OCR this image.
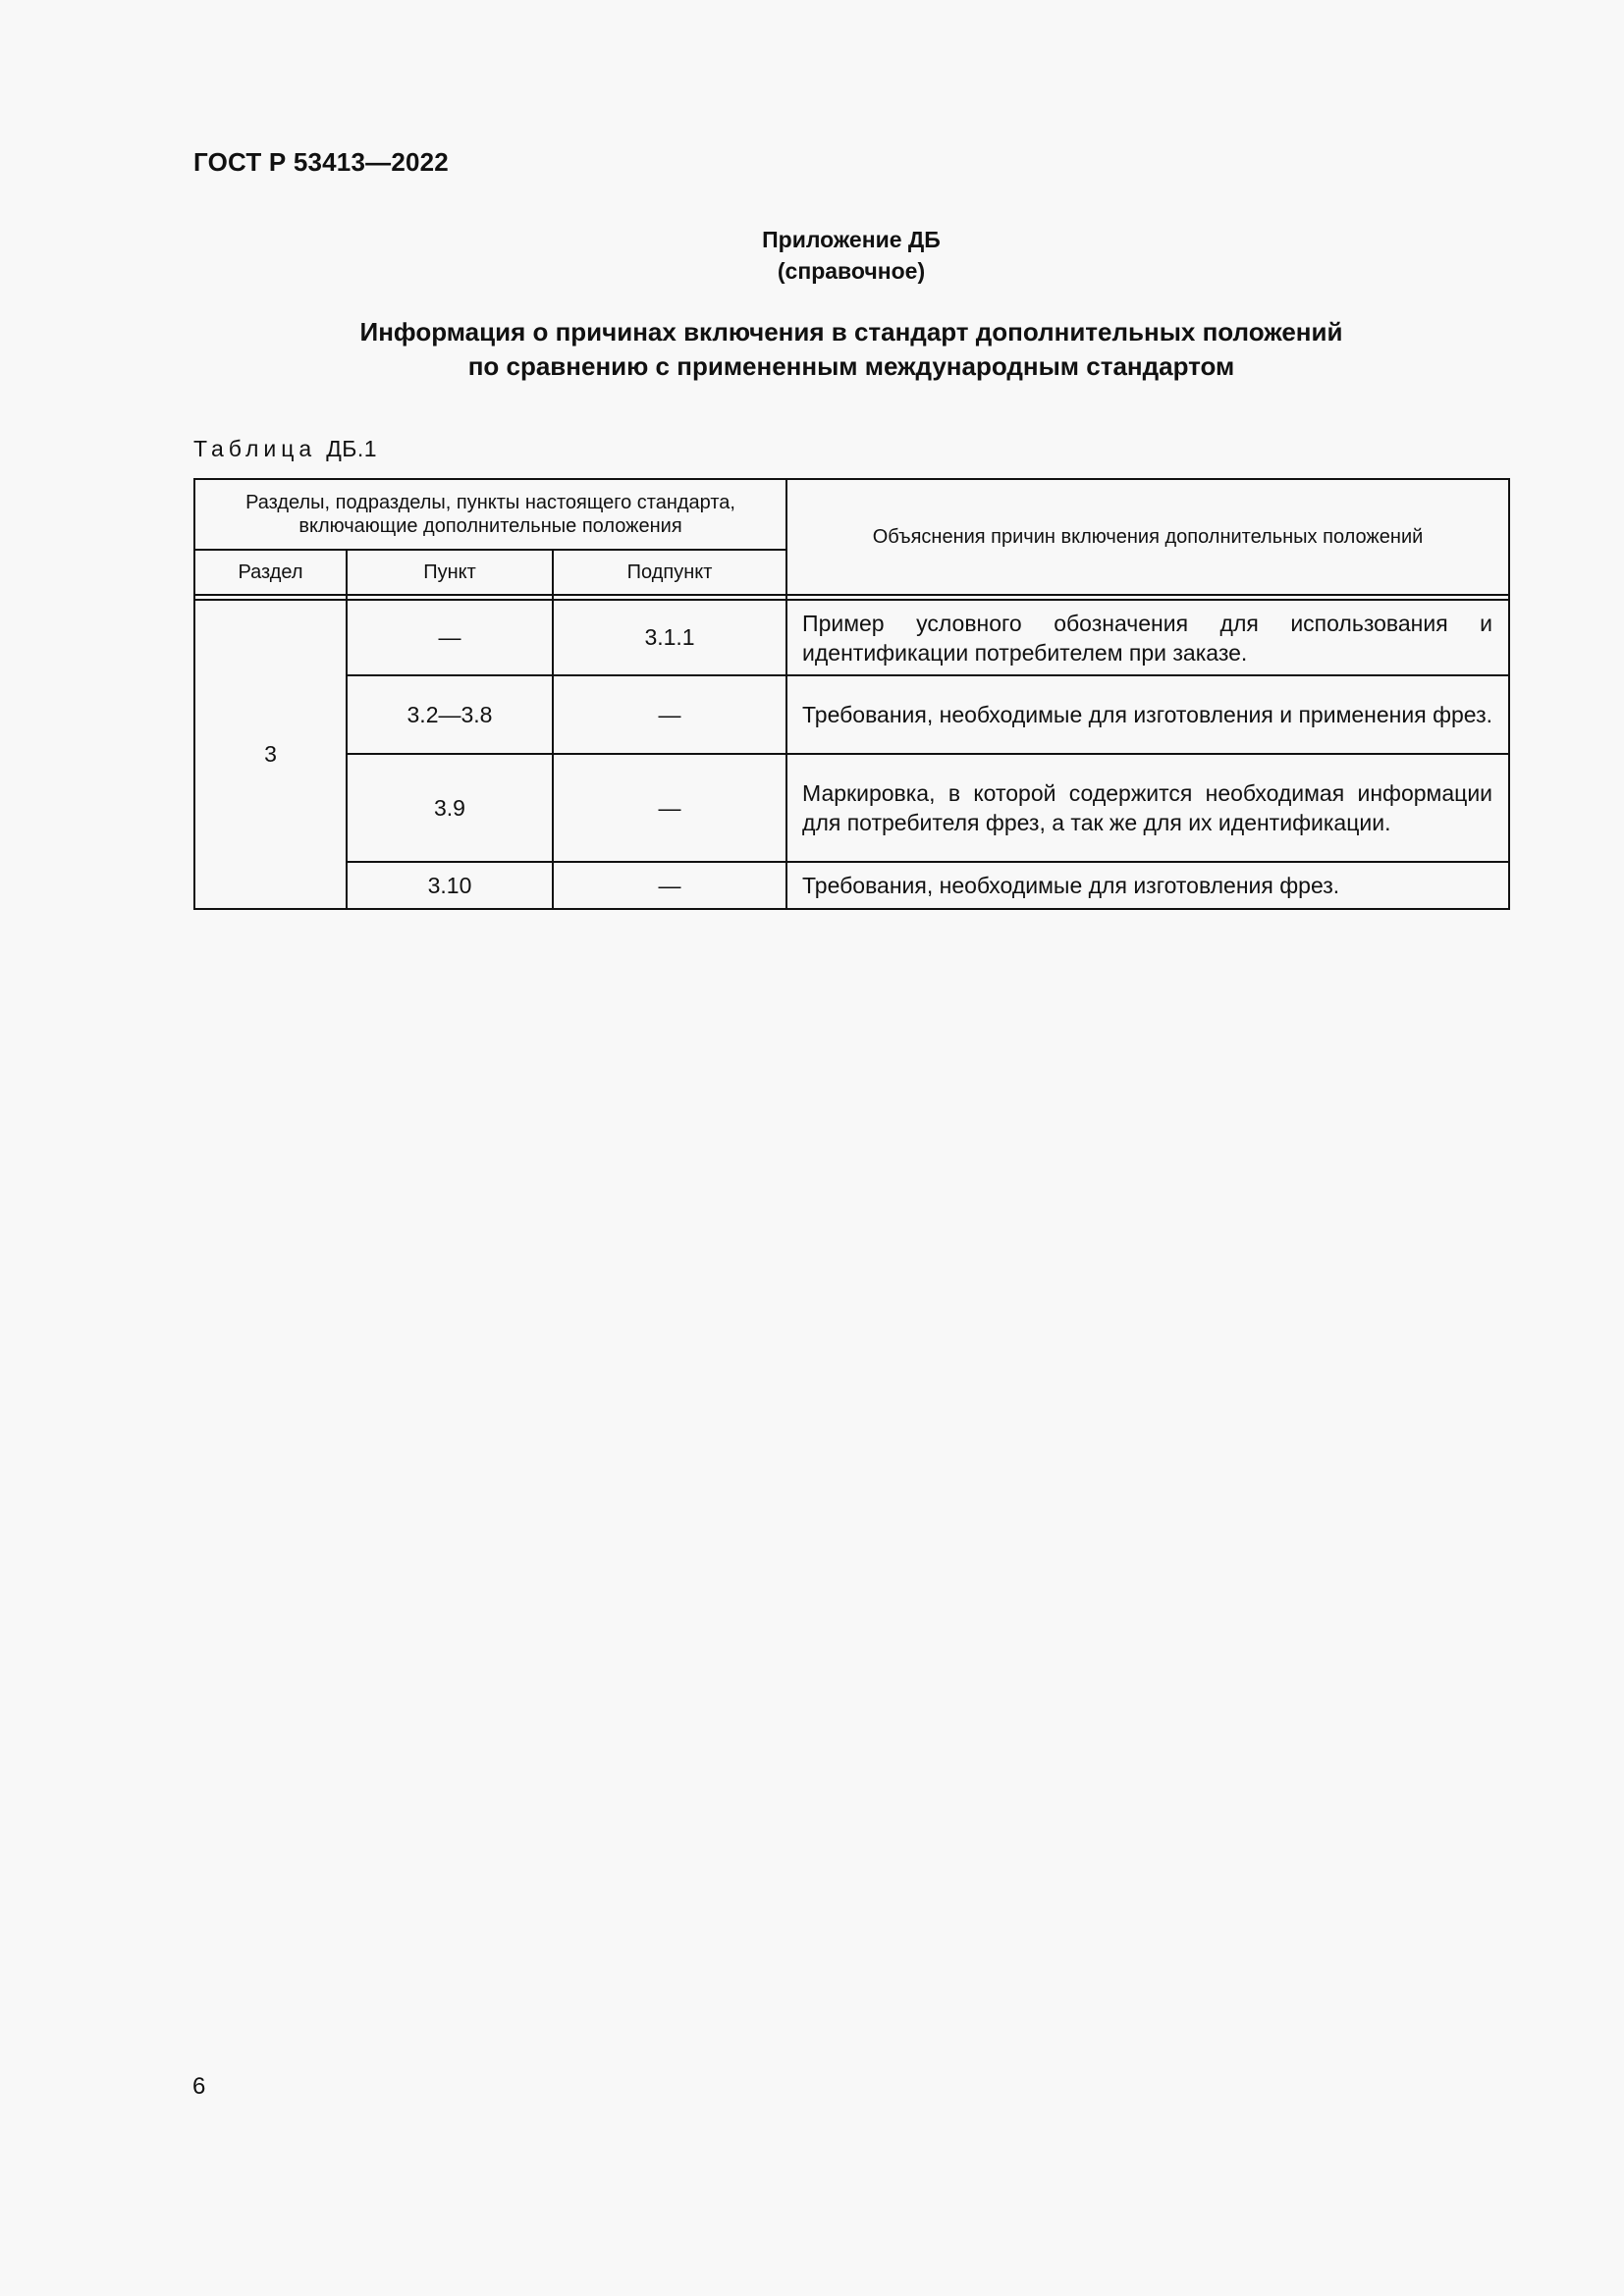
ГОСТ Р 53413—2022
Приложение ДБ
(справочное)
Информация о причинах включения в стандарт дополнительных положений
по сравнению с примененным международным стандартом
Таблица ДБ.1
Разделы, подразделы, пункты настоящего стандарта, включающие дополнительные положения			Объяснения причин включения дополнительных положений
Раздел	Пункт	Подпункт	

3	—	3.1.1	Пример условного обозначения для использования и идентификации потребителем при заказе.
	3.2—3.8	—	Требования, необходимые для изготовления и применения фрез.
	3.9	—	Маркировка, в которой содержится необходимая информации для потребителя фрез, а так же для их идентификации.
	3.10	—	Требования, необходимые для изготовления фрез.
6
